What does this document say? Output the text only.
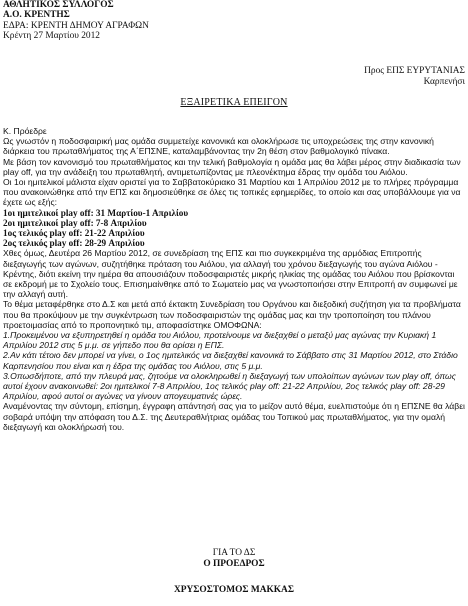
ΑΘΛΗΤΙΚΟΣ ΣΥΛΛΟΓΟΣ
Α.Ο. ΚΡΕΝΤΗΣ
ΕΔΡΑ: ΚΡΕΝΤΗ ΔΗΜΟΥ ΑΓΡΑΦΩΝ
Κρέντη 27 Μαρτίου 2012
Προς ΕΠΣ ΕΥΡΥΤΑΝΙΑΣ
Καρπενήσι
ΕΞΑΙΡΕΤΙΚΑ ΕΠΕΙΓΟΝ

Κ. Πρόεδρε

Ως γνωστόν η ποδοσφαιρική μας ομάδα συμμετείχε κανονικά και ολοκλήρωσε τις υποχρεώσεις της στην κανονική διάρκεια του πρωταθλήματος της Α΄ΕΠΣΝΕ, καταλαμβάνοντας την 2η θέση στον βαθμολογικό πίνακα.

Με βάση τον κανονισμό του πρωταθλήματος και την τελική βαθμολογία η ομάδα μας θα λάβει μέρος στην διαδικασία των play off, για την ανάδειξη του πρωταθλητή, αντιμετωπίζοντας με πλεονέκτημα έδρας την ομάδα του Αιόλου.

Οι 1οι ημιτελικοί μάλιστα είχαν οριστεί για το Σαββατοκύριακο 31 Μαρτίου και 1 Απριλίου 2012 με το πλήρες πρόγραμμα που ανακοινώθηκε από την ΕΠΣ και δημοσιεύθηκε σε όλες τις τοπικές εφημερίδες, το οποίο και σας υποβάλλουμε για να έχετε ως εξής:

1οι ημιτελικοί play off: 31 Μαρτίου-1 Απριλίου

2οι ημιτελικοί play off: 7-8 Απριλίου

1ος τελικός play off: 21-22 Απριλίου

2ος τελικός play off: 28-29 Απριλίου

Χθες όμως, Δευτέρα 26 Μαρτίου 2012, σε συνεδρίαση της ΕΠΣ και πιο συγκεκριμένα της αρμόδιας Επιτροπής διεξαγωγής των αγώνων, συζητήθηκε πρόταση του Αιόλου, για αλλαγή του χρόνου διεξαγωγής του αγώνα Αιόλου - Κρέντης, διότι εκείνη την ημέρα θα απουσιάζουν ποδοσφαιριστές μικρής ηλικίας της ομάδας του Αιόλου που βρίσκονται σε εκδρομή με το Σχολείο τους. Επισημαίνθηκε από το Σωματείο μας να γνωστοποιήσει στην Επιτροπή αν συμφωνεί με την αλλαγή αυτή.

Το θέμα μεταφέρθηκε στο Δ.Σ και μετά από έκτακτη Συνεδρίαση του Οργάνου και διεξοδική συζήτηση για τα προβλήματα που θα προκύψουν με την συγκέντρωση των ποδοσφαιριστών της ομάδας μας και την τροποποίηση του πλάνου προετοιμασίας από το προπονητικό τιμ, αποφασίστηκε ΟΜΟΦΩΝΑ:

1.Προκειμένου να εξυπηρετηθεί η ομάδα του Αιόλου, προτείνουμε να διεξαχθεί ο μεταξύ μας αγώνας την Κυριακή 1 Απριλίου 2012 στις 5 μ.μ. σε γήπεδο που θα ορίσει η ΕΠΣ.

2.Αν κάτι τέτοιο δεν μπορεί να γίνει, ο 1ος ημιτελικός να διεξαχθεί κανονικά το Σάββατο στις 31 Μαρτίου 2012, στο Στάδιο Καρπενησίου που είναι και η έδρα της ομάδας του Αιόλου, στις 5 μ.μ.

3.Οπωσδήποτε, από την πλευρά μας, ζητούμε να ολοκληρωθεί η διεξαγωγή των υπολοίπων αγώνων των play off, όπως αυτοί έχουν ανακοινωθεί: 2οι ημιτελικοί 7-8 Απριλίου, 1ος τελικός play off: 21-22 Απριλίου, 2ος τελικός play off: 28-29 Απριλίου, αφού αυτοί οι αγώνες να γίνουν απογευματινές ώρες.

Αναμένοντας την σύντομη, επίσημη, έγγραφη απάντησή σας για το μείζον αυτό θέμα, ευελπιστούμε ότι η ΕΠΣΝΕ θα λάβει σοβαρά υπόψη την απόφαση του Δ.Σ. της Δευτεραθλήτριας ομάδας του Τοπικού μας πρωταθλήματος, για την ομαλή διεξαγωγή και ολοκλήρωσή του.

ΓΙΑ ΤΟ ΔΣ
Ο ΠΡΟΕΔΡΟΣ
ΧΡΥΣΟΣΤΟΜΟΣ ΜΑΚΚΑΣ
